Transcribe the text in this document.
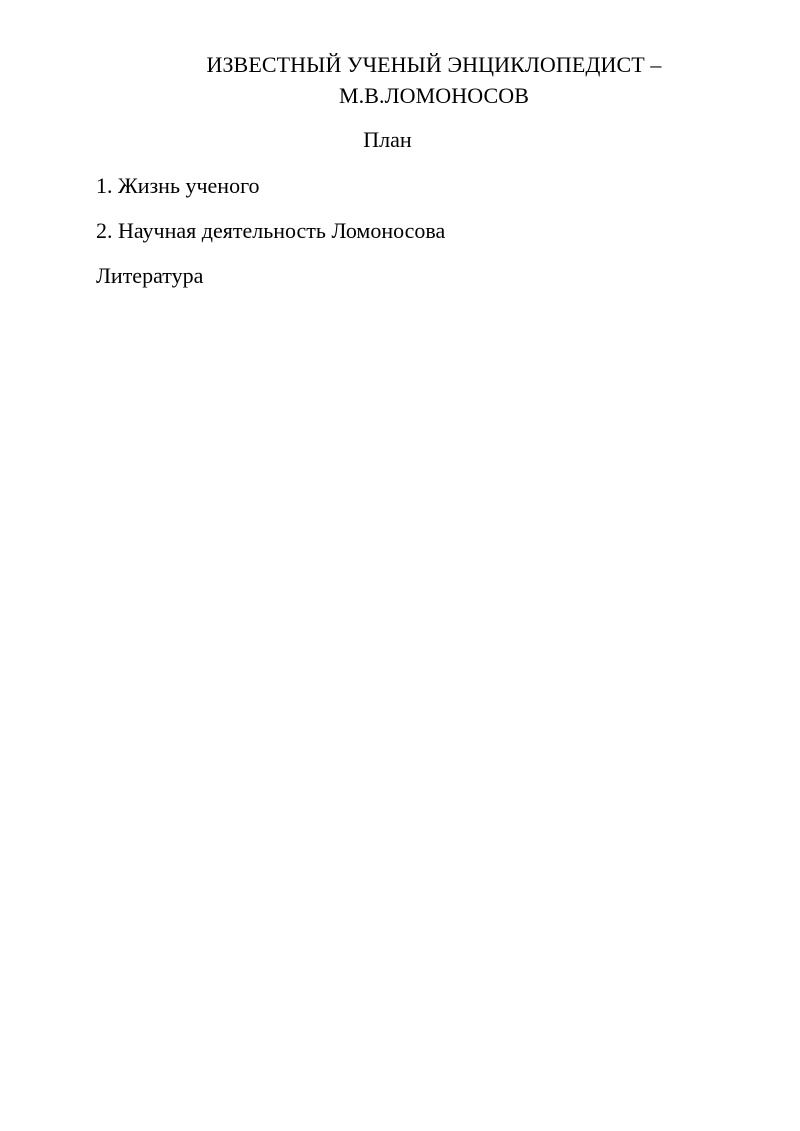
ИЗВЕСТНЫЙ УЧЕНЫЙ ЭНЦИКЛОПЕДИСТ –
М.В.ЛОМОНОСОВ
План
1. Жизнь ученого
2. Научная деятельность Ломоносова
Литература
